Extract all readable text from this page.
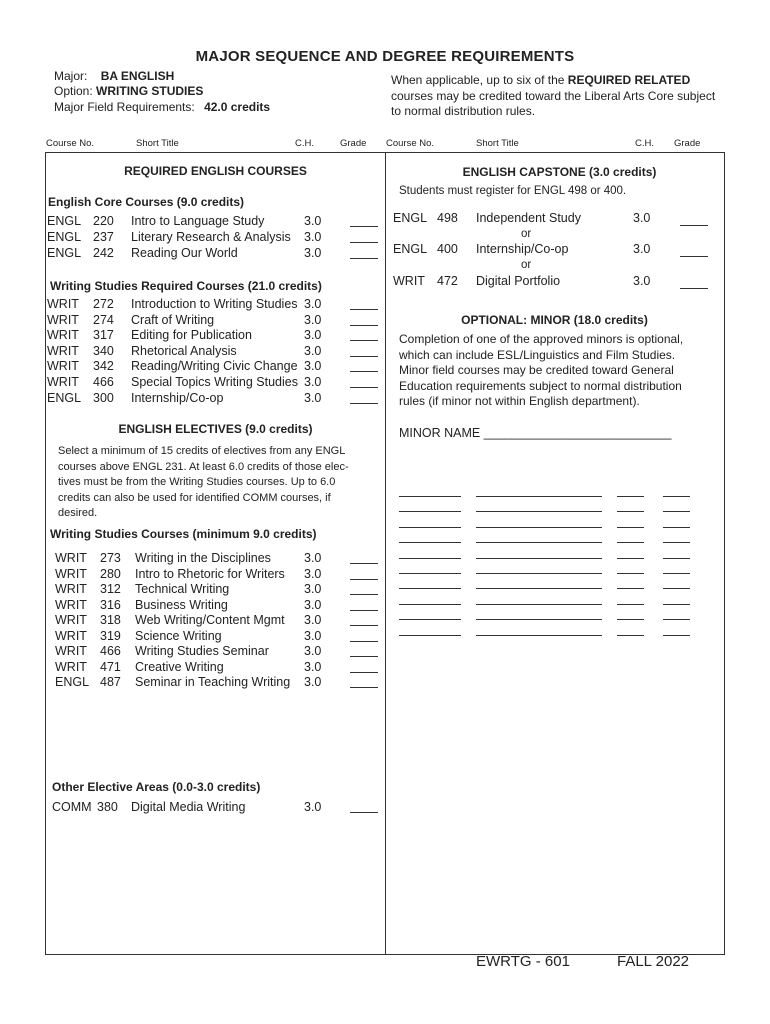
MAJOR SEQUENCE AND DEGREE REQUIREMENTS
Major: BA ENGLISH
Option: WRITING STUDIES
Major Field Requirements: 42.0 credits
When applicable, up to six of the REQUIRED RELATED
courses may be credited toward the Liberal Arts Core subject
to normal distribution rules.
Course No.	Short Title	C.H.	Grade Course No.	Short Title	C.H. Grade
REQUIRED ENGLISH COURSES
English Core Courses (9.0 credits)
ENGL 220 Intro to Language Study	3.0
ENGL 237 Literary Research & Analysis 3.0
ENGL 242 Reading Our World	3.0
Writing Studies Required Courses (21.0 credits)
WRIT 272 Introduction to Writing Studies 3.0
WRIT 274 Craft of Writing	3.0
WRIT 317 Editing for Publication	3.0
WRIT 340 Rhetorical Analysis	3.0
WRIT 342 Reading/Writing Civic Change 3.0
WRIT 466 Special Topics Writing Studies 3.0
ENGL 300 Internship/Co-op	3.0
ENGLISH ELECTIVES (9.0 credits)
Select a minimum of 15 credits of electives from any ENGL
courses above ENGL 231. At least 6.0 credits of those elec-
tives must be from the Writing Studies courses. Up to 6.0
credits can also be used for identified COMM courses, if
desired.
Writing Studies Courses (minimum 9.0 credits)
WRIT 273 Writing in the Disciplines	3.0
WRIT 280 Intro to Rhetoric for Writers 3.0
WRIT 312 Technical Writing	3.0
WRIT 316 Business Writing	3.0
WRIT 318 Web Writing/Content Mgmt 3.0
WRIT 319 Science Writing	3.0
WRIT 466 Writing Studies Seminar	3.0
WRIT 471 Creative Writing	3.0
ENGL 487 Seminar in Teaching Writing 3.0
Other Elective Areas (0.0-3.0 credits)
COMM 380 Digital Media Writing	3.0
ENGLISH CAPSTONE (3.0 credits)
Students must register for ENGL 498 or 400.
ENGL 498 Independent Study	3.0
ENGL 400 Internship/Co-op	3.0
WRIT 472 Digital Portfolio	3.0
or
or
OPTIONAL: MINOR (18.0 credits)
Completion of one of the approved minors is optional,
which can include ESL/Linguistics and Film Studies.
Minor field courses may be credited toward General
Education requirements subject to normal distribution
rules (if minor not within English department).
MINOR NAME ___________________________
EWRTG - 601	FALL 2022
